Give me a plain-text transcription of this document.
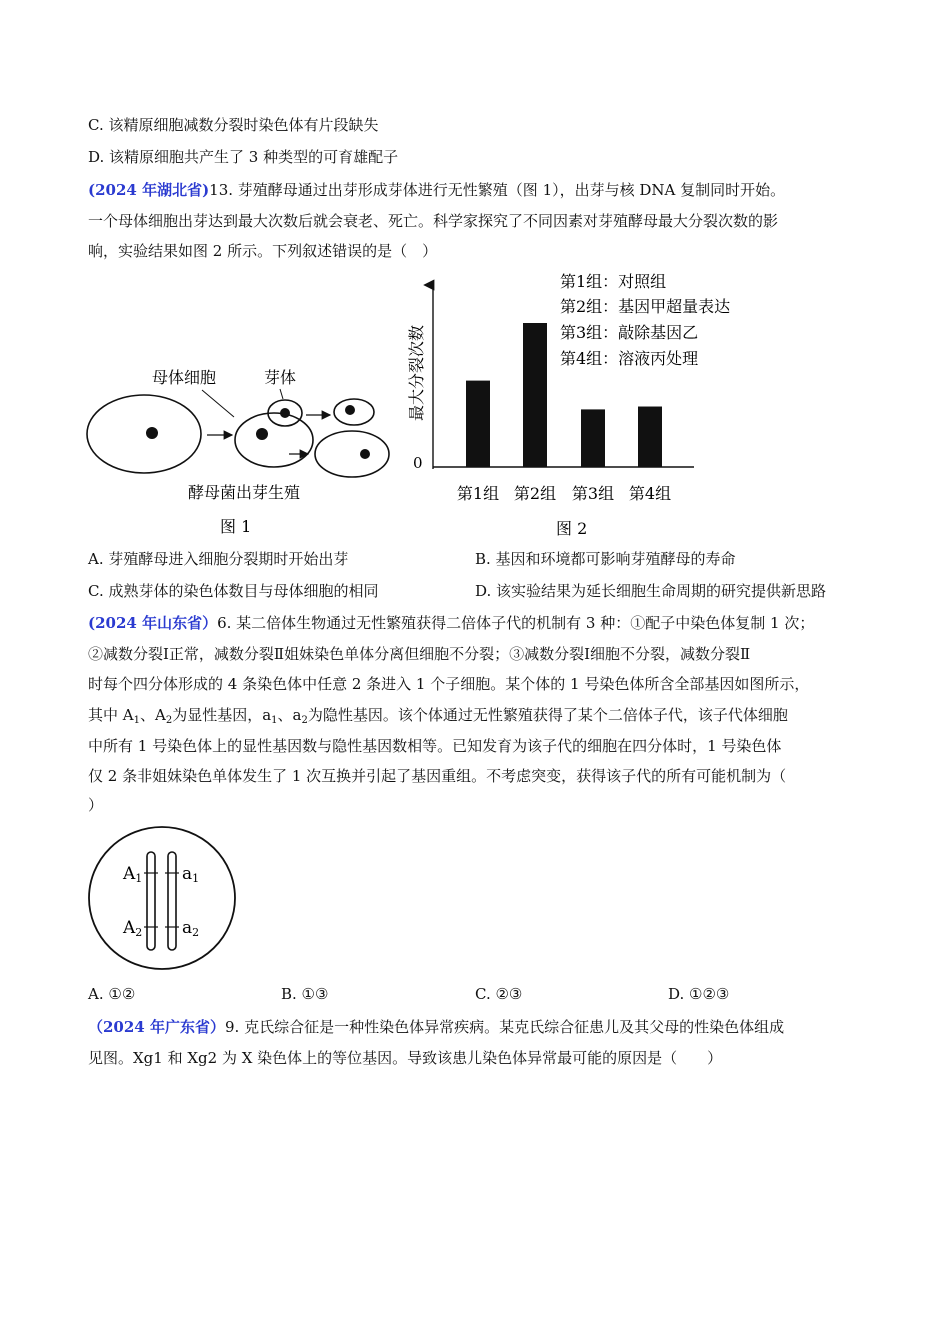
C. 该精原细胞减数分裂时染色体有片段缺失
D. 该精原细胞共产生了 3 种类型的可育雄配子
(2024 年湖北省)13. 芽殖酵母通过出芽形成芽体进行无性繁殖（图 1），出芽与核 DNA 复制同时开始。
一个母体细胞出芽达到最大次数后就会衰老、死亡。科学家探究了不同因素对芽殖酵母最大分裂次数的影
响，实验结果如图 2 所示。下列叙述错误的是（　）
母体细胞	芽体
酵母菌出芽生殖
图 1
最大分裂次数
0
第1组 第2组 第3组 第4组
第1组：对照组
第2组：基因甲超量表达
第3组：敲除基因乙
第4组：溶液丙处理
图 2
A. 芽殖酵母进入细胞分裂期时开始出芽	B. 基因和环境都可影响芽殖酵母的寿命
C. 成熟芽体的染色体数目与母体细胞的相同	D. 该实验结果为延长细胞生命周期的研究提供新思路
(2024 年山东省）6. 某二倍体生物通过无性繁殖获得二倍体子代的机制有 3 种：①配子中染色体复制 1 次；
②减数分裂Ⅰ正常，减数分裂Ⅱ姐妹染色单体分离但细胞不分裂；③减数分裂Ⅰ细胞不分裂，减数分裂Ⅱ
时每个四分体形成的 4 条染色体中任意 2 条进入 1 个子细胞。某个体的 1 号染色体所含全部基因如图所示，
其中 $A_1$、$A_2$为显性基因，$a_1$、$a_2$为隐性基因。该个体通过无性繁殖获得了某个二倍体子代，该子代体细胞
中所有 1 号染色体上的显性基因数与隐性基因数相等。已知发育为该子代的细胞在四分体时，1 号染色体
仅 2 条非姐妹染色单体发生了 1 次互换并引起了基因重组。不考虑突变，获得该子代的所有可能机制为（
）
A1 a1
A2 a2
A. ①②	B. ①③	C. ②③	D. ①②③
（2024 年广东省）9. 克氏综合征是一种性染色体异常疾病。某克氏综合征患儿及其父母的性染色体组成
见图。Xg1 和 Xg2 为 X 染色体上的等位基因。导致该患儿染色体异常最可能的原因是（　　）
